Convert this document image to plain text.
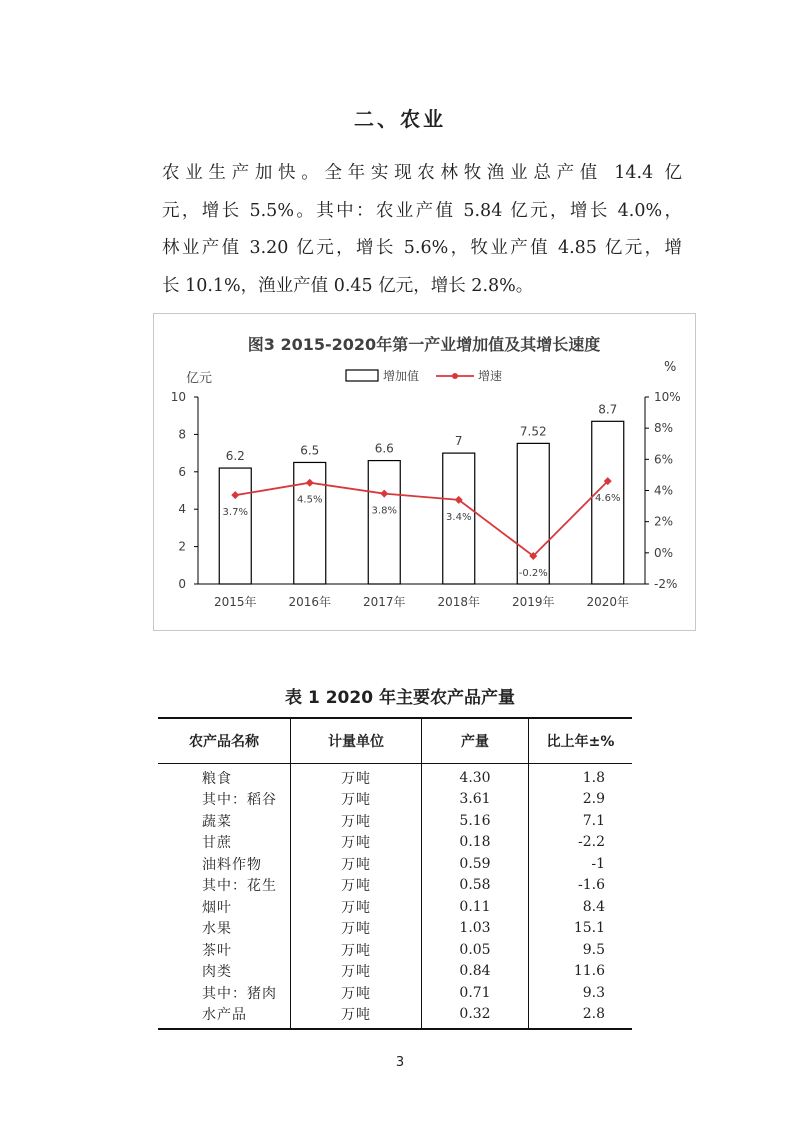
二、农业
农业生产加快。全年实现农林牧渔业总产值 14.4 亿
元，增长 5.5%。其中：农业产值 5.84 亿元，增长 4.0%，
林业产值 3.20 亿元，增长 5.6%，牧业产值 4.85 亿元，增
长 10.1%，渔业产值 0.45 亿元，增长 2.8%。
图3 2015-2020年第一产业增加值及其增长速度
亿元
%
增加值	增速
0
2
4
6
8
10
-2%
0%
2%
4%
6%
8%
10%
2015年	2016年	2017年	2018年	2019年	2020年
6.2	6.5	6.6
7
7.52
8.7
3.7%
4.5%
3.8%
3.4%
-0.2%
4.6%
表 1 2020 年主要农产品产量
农产品名称	计量单位	产量	比上年±%
粮食	万吨	4.30	1.8
其中：稻谷	万吨	3.61	2.9
蔬菜	万吨	5.16	7.1
甘蔗	万吨	0.18	-2.2
油料作物	万吨	0.59	-1
其中：花生	万吨	0.58	-1.6
烟叶	万吨	0.11	8.4
水果	万吨	1.03	15.1
茶叶	万吨	0.05	9.5
肉类	万吨	0.84	11.6
其中：猪肉	万吨	0.71	9.3
水产品	万吨	0.32	2.8
3
